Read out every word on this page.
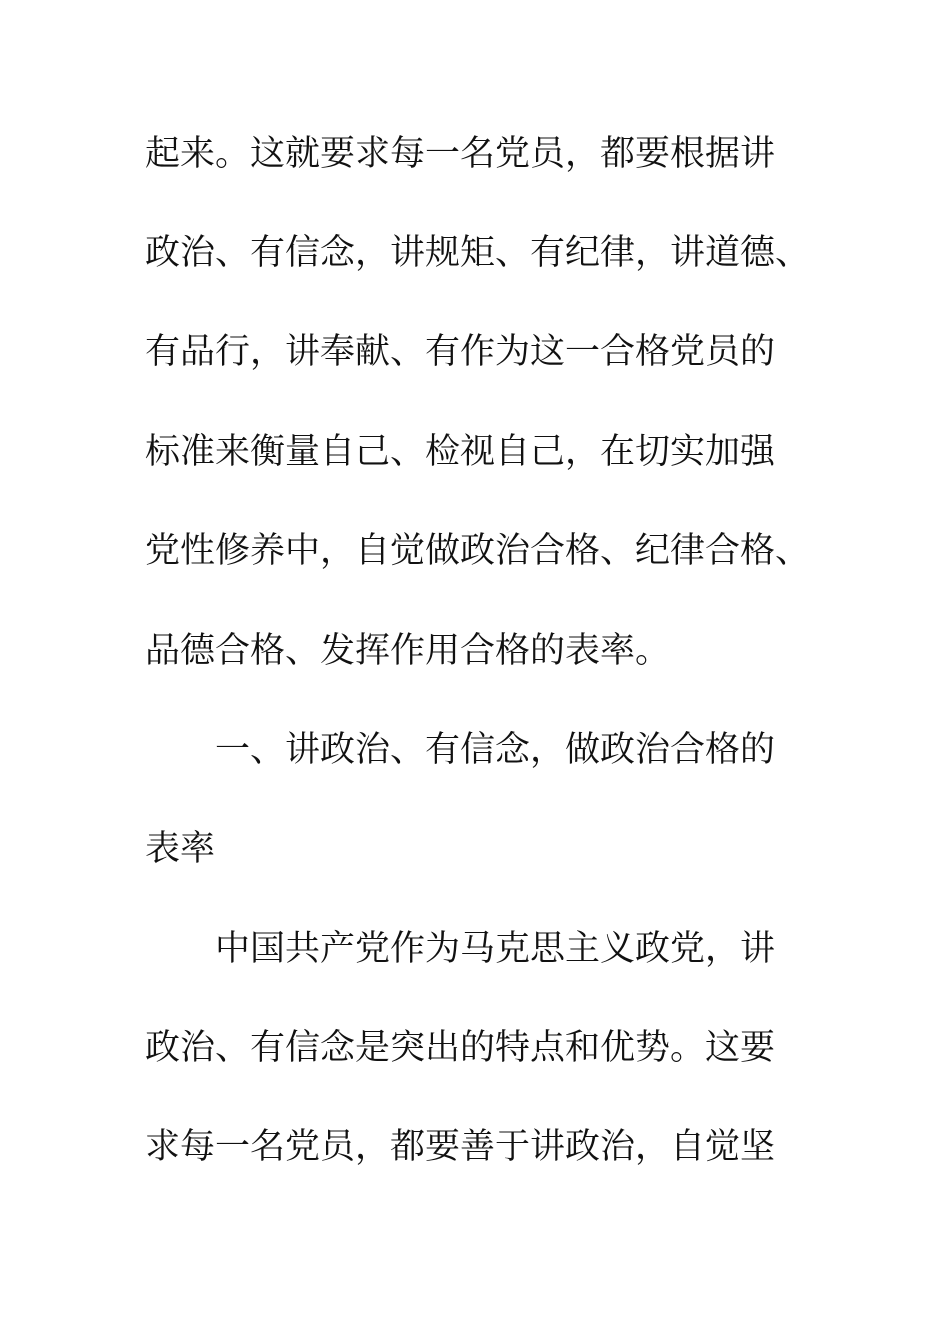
起来。这就要求每一名党员，都要根据讲
政治、有信念，讲规矩、有纪律，讲道德、
有品行，讲奉献、有作为这一合格党员的
标准来衡量自己、检视自己，在切实加强
党性修养中，自觉做政治合格、纪律合格、
品德合格、发挥作用合格的表率。
一、讲政治、有信念，做政治合格的
表率
中国共产党作为马克思主义政党，讲
政治、有信念是突出的特点和优势。这要
求每一名党员，都要善于讲政治，自觉坚
